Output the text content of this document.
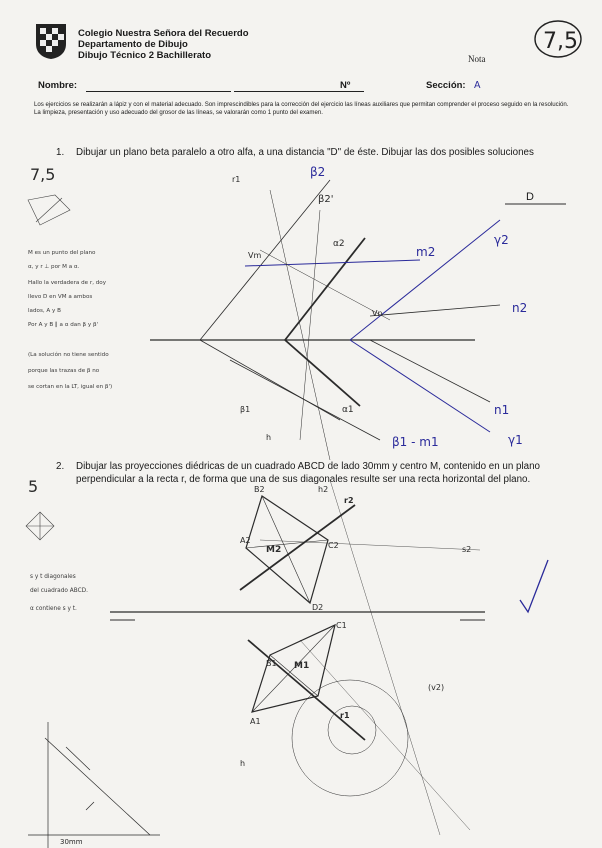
Colegio Nuestra Señora del Recuerdo
Departamento de Dibujo
Dibujo Técnico 2 Bachillerato	Nota
7,5
Nombre:	Nº	Sección: A
Los ejercicios se realizarán a lápiz y con el material adecuado. Son imprescindibles para la corrección del ejercicio las líneas auxiliares que permitan comprender el proceso seguido en la resolución.
La limpieza, presentación y uso adecuado del grosor de las líneas, se valorarán como 1 punto del examen.
1. Dibujar un plano beta paralelo a otro alfa, a una distancia "D" de éste. Dibujar las dos posibles soluciones
2. Dibujar las proyecciones diédricas de un cuadrado ABCD de lado 30mm y centro M, contenido en un plano
perpendicular a la recta r, de forma que una de sus diagonales resulte ser una recta horizontal del plano.
β2
β2'
α2
α1
m2
n2
n1
γ2
γ1
β1 - m1
r1
Vm
Vn
β1
h
D
7,5
M es un punto del plano
α, y r ⊥ por M a α.
Hallo la verdadera de r, doy
llevo D en VM a ambos
lados, A y B
Por A y B ∥ a α dan β y β'
(La solución no tiene sentido
porque las trazas de β no
se cortan en la LT, igual en β')
r2
M2
A2
B2
C2
D2
M1
A1
B1
C1
r1
h2
h
(v2)
s2
30mm
5
s y t diagonales
del cuadrado ABCD.
α contiene s y t.
